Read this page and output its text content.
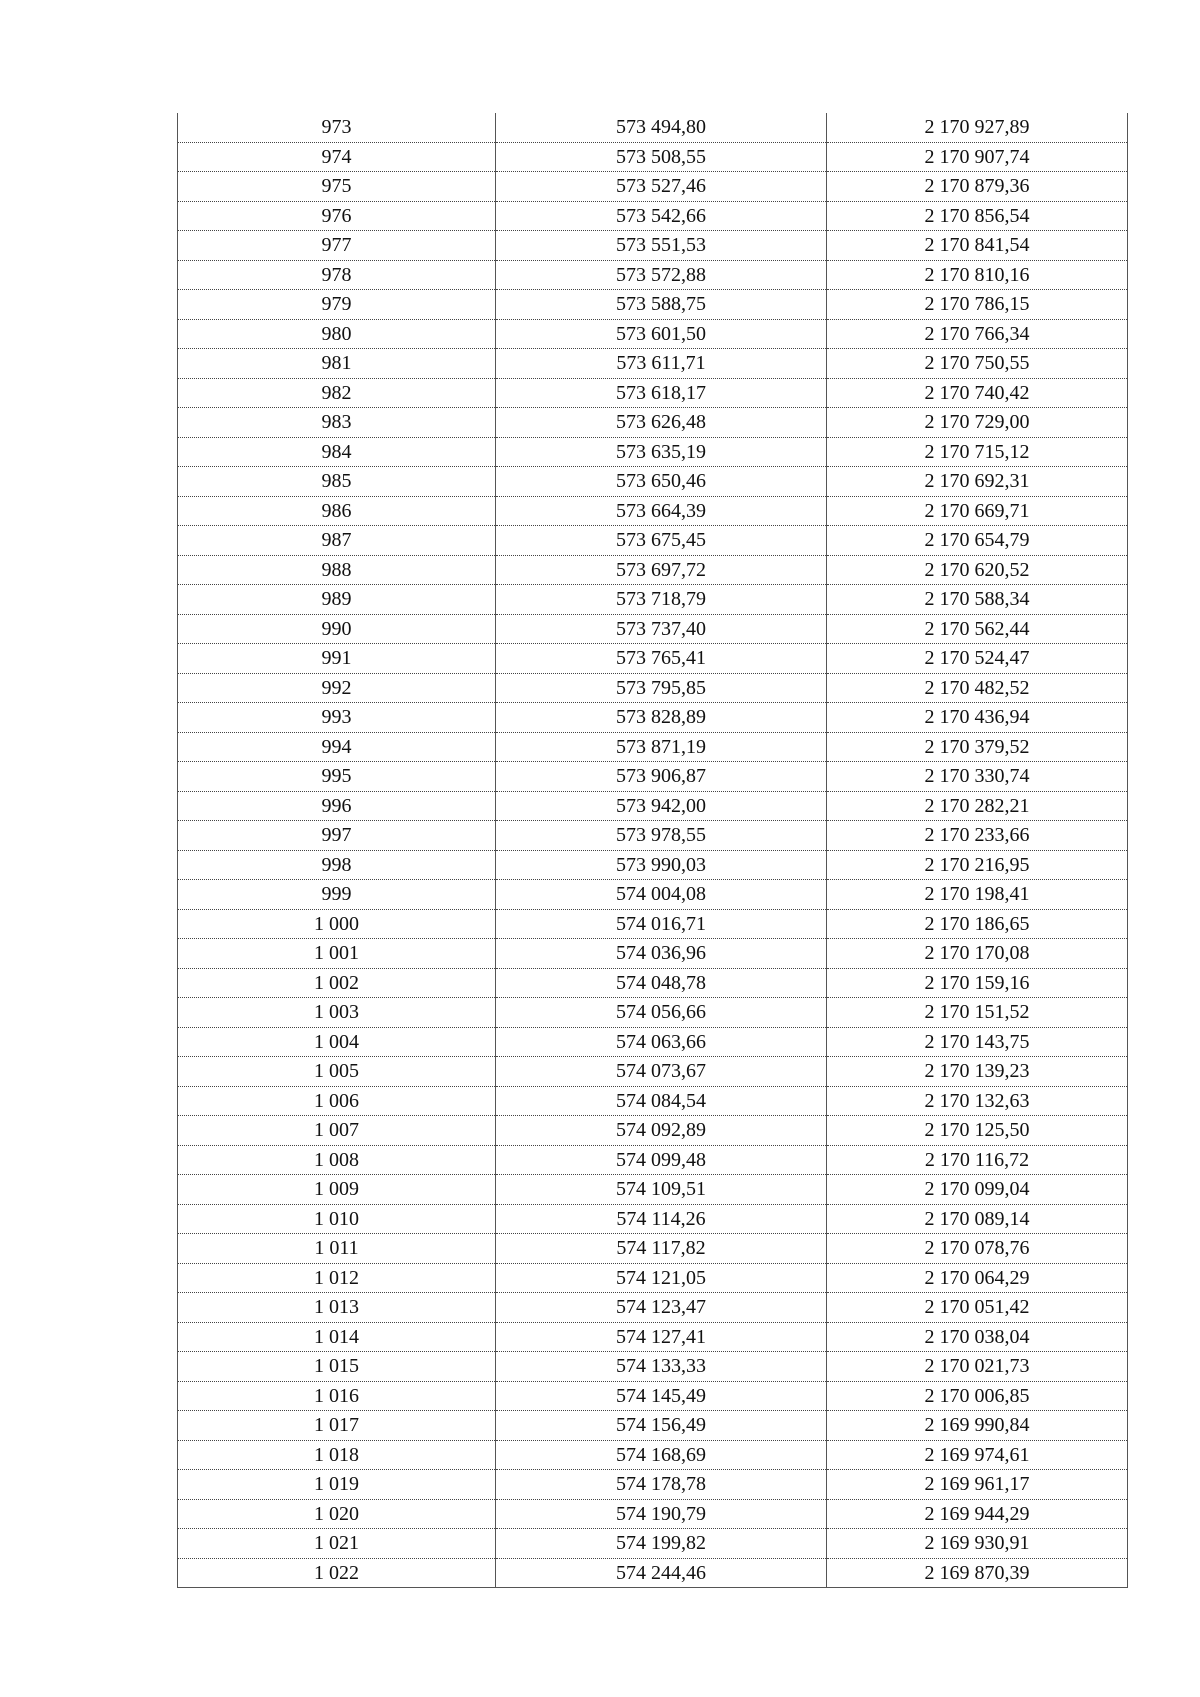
973	573 494,80	2 170 927,89
974	573 508,55	2 170 907,74
975	573 527,46	2 170 879,36
976	573 542,66	2 170 856,54
977	573 551,53	2 170 841,54
978	573 572,88	2 170 810,16
979	573 588,75	2 170 786,15
980	573 601,50	2 170 766,34
981	573 611,71	2 170 750,55
982	573 618,17	2 170 740,42
983	573 626,48	2 170 729,00
984	573 635,19	2 170 715,12
985	573 650,46	2 170 692,31
986	573 664,39	2 170 669,71
987	573 675,45	2 170 654,79
988	573 697,72	2 170 620,52
989	573 718,79	2 170 588,34
990	573 737,40	2 170 562,44
991	573 765,41	2 170 524,47
992	573 795,85	2 170 482,52
993	573 828,89	2 170 436,94
994	573 871,19	2 170 379,52
995	573 906,87	2 170 330,74
996	573 942,00	2 170 282,21
997	573 978,55	2 170 233,66
998	573 990,03	2 170 216,95
999	574 004,08	2 170 198,41
1 000	574 016,71	2 170 186,65
1 001	574 036,96	2 170 170,08
1 002	574 048,78	2 170 159,16
1 003	574 056,66	2 170 151,52
1 004	574 063,66	2 170 143,75
1 005	574 073,67	2 170 139,23
1 006	574 084,54	2 170 132,63
1 007	574 092,89	2 170 125,50
1 008	574 099,48	2 170 116,72
1 009	574 109,51	2 170 099,04
1 010	574 114,26	2 170 089,14
1 011	574 117,82	2 170 078,76
1 012	574 121,05	2 170 064,29
1 013	574 123,47	2 170 051,42
1 014	574 127,41	2 170 038,04
1 015	574 133,33	2 170 021,73
1 016	574 145,49	2 170 006,85
1 017	574 156,49	2 169 990,84
1 018	574 168,69	2 169 974,61
1 019	574 178,78	2 169 961,17
1 020	574 190,79	2 169 944,29
1 021	574 199,82	2 169 930,91
1 022	574 244,46	2 169 870,39
